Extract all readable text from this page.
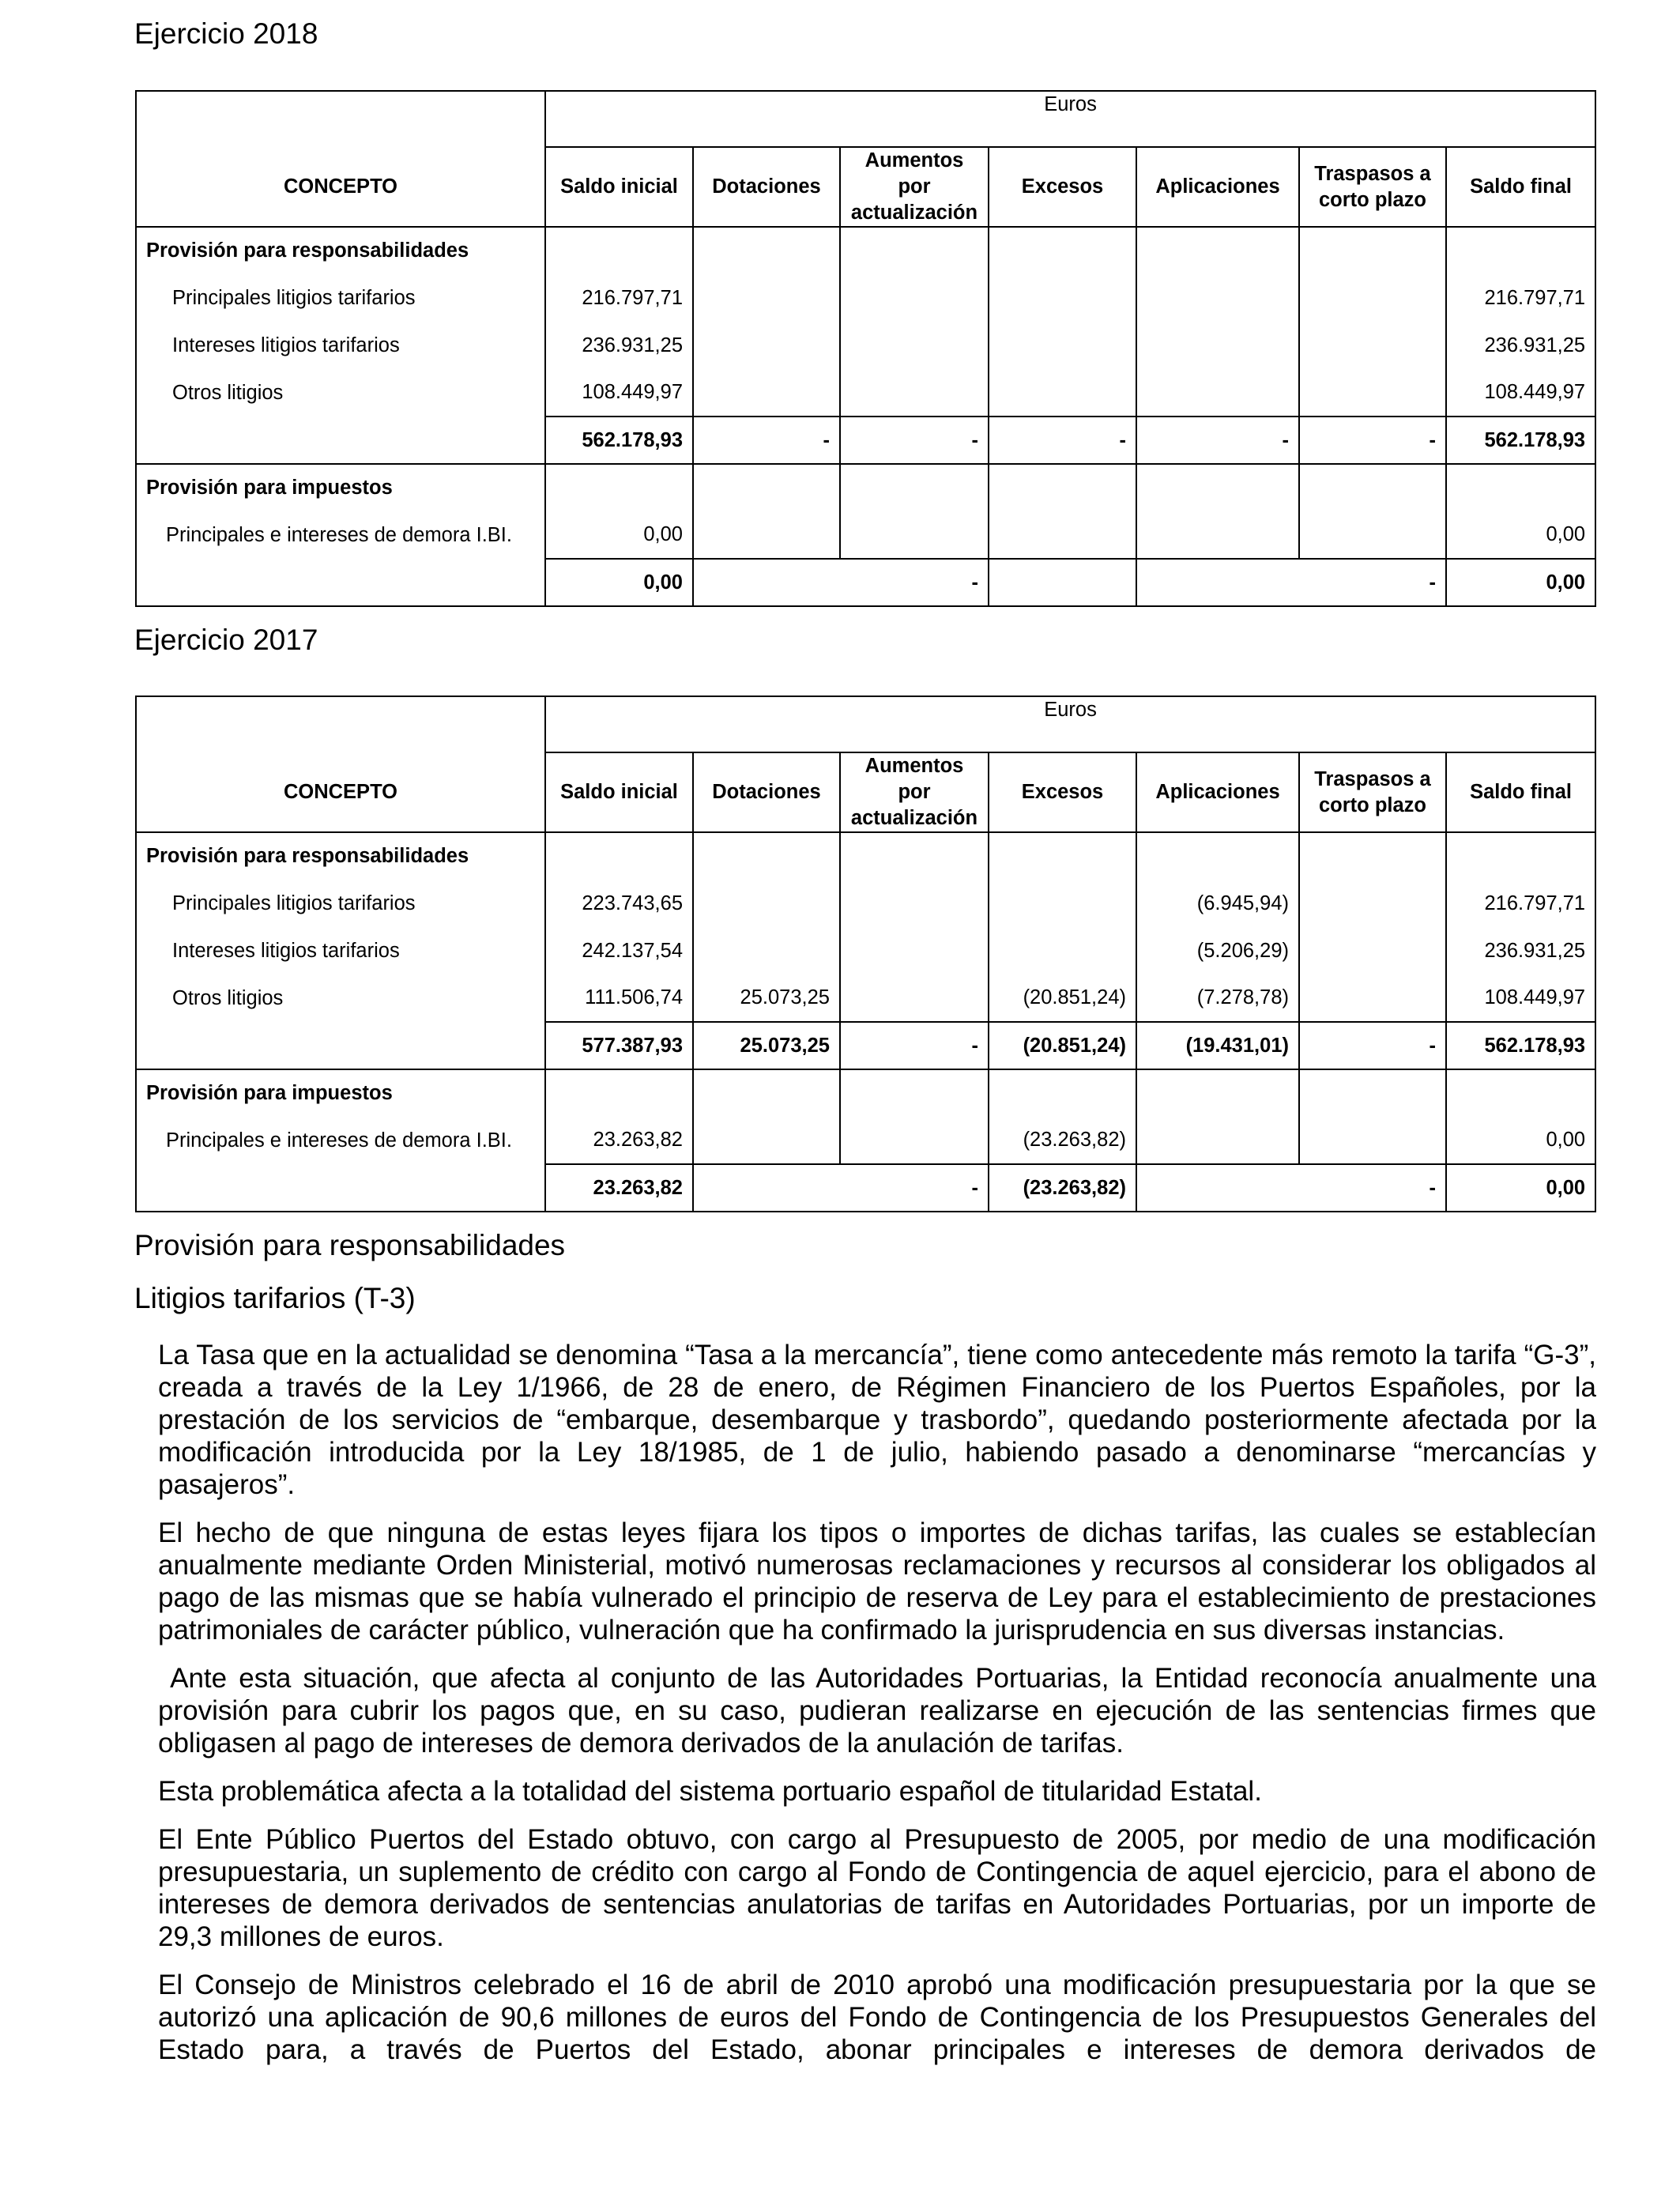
Ejercicio 2018
	Euros						

CONCEPTO	Saldo inicial	Dotaciones	Aumentos por actualización	Excesos	Aplicaciones	Traspasos a corto plazo	Saldo final
Provisión para responsabilidades							
Principales litigios tarifarios	216.797,71						216.797,71
Intereses litigios tarifarios	236.931,25						236.931,25
Otros litigios	108.449,97						108.449,97
	562.178,93	-	-	-	-	-	562.178,93
Provisión para impuestos							
Principales e intereses de demora I.BI.	0,00						0,00
	0,00		-			-	0,00
Ejercicio 2017
	Euros						

CONCEPTO	Saldo inicial	Dotaciones	Aumentos por actualización	Excesos	Aplicaciones	Traspasos a corto plazo	Saldo final
Provisión para responsabilidades							
Principales litigios tarifarios	223.743,65				(6.945,94)		216.797,71
Intereses litigios tarifarios	242.137,54				(5.206,29)		236.931,25
Otros litigios	111.506,74	25.073,25		(20.851,24)	(7.278,78)		108.449,97
	577.387,93	25.073,25	-	(20.851,24)	(19.431,01)	-	562.178,93
Provisión para impuestos							
Principales e intereses de demora I.BI.	23.263,82			(23.263,82)			0,00
	23.263,82		-	(23.263,82)		-	0,00
Provisión para responsabilidades
Litigios tarifarios (T-3)

La Tasa que en la actualidad se denomina “Tasa a la mercancía”, tiene como antecedente más remoto la tarifa “G-3”, creada a través de la Ley 1/1966, de 28 de enero, de Régimen Financiero de los Puertos Españoles, por la prestación de los servicios de “embarque, desembarque y trasbordo”, quedando posteriormente afectada por la modificación introducida por la Ley 18/1985, de 1 de julio, habiendo pasado a denominarse “mercancías y pasajeros”.

El hecho de que ninguna de estas leyes fijara los tipos o importes de dichas tarifas, las cuales se establecían anualmente mediante Orden Ministerial, motivó numerosas reclamaciones y recursos al considerar los obligados al pago de las mismas que se había vulnerado el principio de reserva de Ley para el establecimiento de prestaciones patrimoniales de carácter público, vulneración que ha confirmado la jurisprudencia en sus diversas instancias.

Ante esta situación, que afecta al conjunto de las Autoridades Portuarias, la Entidad reconocía anualmente una provisión para cubrir los pagos que, en su caso, pudieran realizarse en ejecución de las sentencias firmes que obligasen al pago de intereses de demora derivados de la anulación de tarifas.

Esta problemática afecta a la totalidad del sistema portuario español de titularidad Estatal.

El Ente Público Puertos del Estado obtuvo, con cargo al Presupuesto de 2005, por medio de una modificación presupuestaria, un suplemento de crédito con cargo al Fondo de Contingencia de aquel ejercicio, para el abono de intereses de demora derivados de sentencias anulatorias de tarifas en Autoridades Portuarias, por un importe de 29,3 millones de euros.

El Consejo de Ministros celebrado el 16 de abril de 2010 aprobó una modificación presupuestaria por la que se autorizó una aplicación de 90,6 millones de euros del Fondo de Contingencia de los Presupuestos Generales del Estado para, a través de Puertos del Estado, abonar principales e intereses de demora derivados de
